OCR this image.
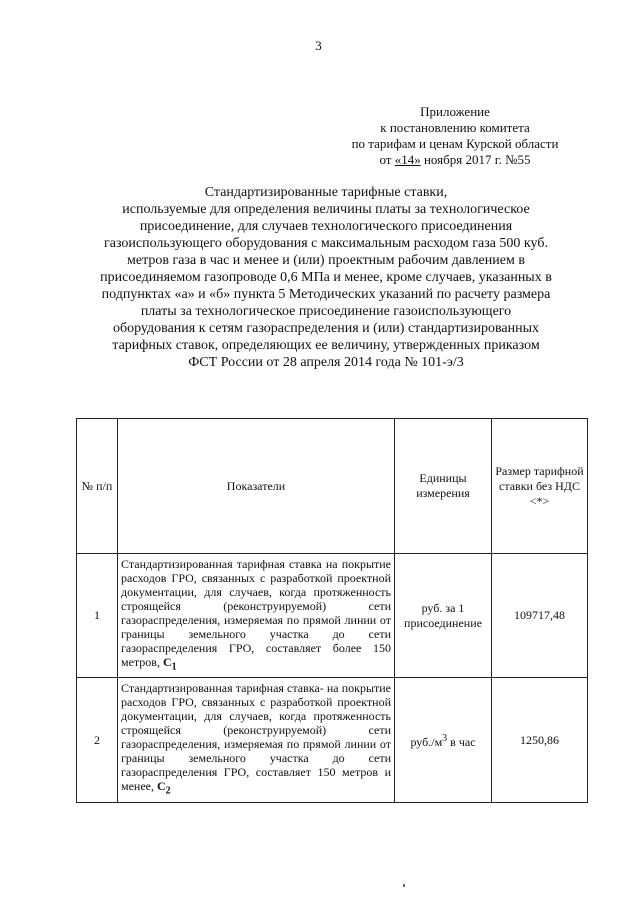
3
Приложение
к постановлению комитета
по тарифам и ценам Курской области
от «14» ноября 2017 г. №55
Стандартизированные тарифные ставки,
используемые для определения величины платы за технологическое
присоединение, для случаев технологического присоединения
газоиспользующего оборудования с максимальным расходом газа 500 куб.
метров газа в час и менее и (или) проектным рабочим давлением в
присоединяемом газопроводе 0,6 МПа и менее, кроме случаев, указанных в
подпунктах «а» и «б» пункта 5 Методических указаний по расчету размера
платы за технологическое присоединение газоиспользующего
оборудования к сетям газораспределения и (или) стандартизированных
тарифных ставок, определяющих ее величину, утвержденных приказом
ФСТ России от 28 апреля 2014 года № 101-э/3
№ п/п	Показатели	Единицы измерения	Размер тарифной ставки без НДС <*>
1	Стандартизированная тарифная ставка на покрытие расходов ГРО, связанных с разработкой проектной документации, для случаев, когда протяженность строящейся (реконструируемой) сети газораспределения, измеряемая по прямой линии от границы земельного участка до сети газораспределения ГРО, составляет более 150 метров, $С_1$	руб. за 1 присоединение	109717,48
2	Стандартизированная тарифная ставка- на покрытие расходов ГРО, связанных с разработкой проектной документации, для случаев, когда протяженность строящейся (реконструируемой) сети газораспределения, измеряемая по прямой линии от границы земельного участка до сети газораспределения ГРО, составляет 150 метров и менее, $С_2$	$руб./м^3$ в час	1250,86
